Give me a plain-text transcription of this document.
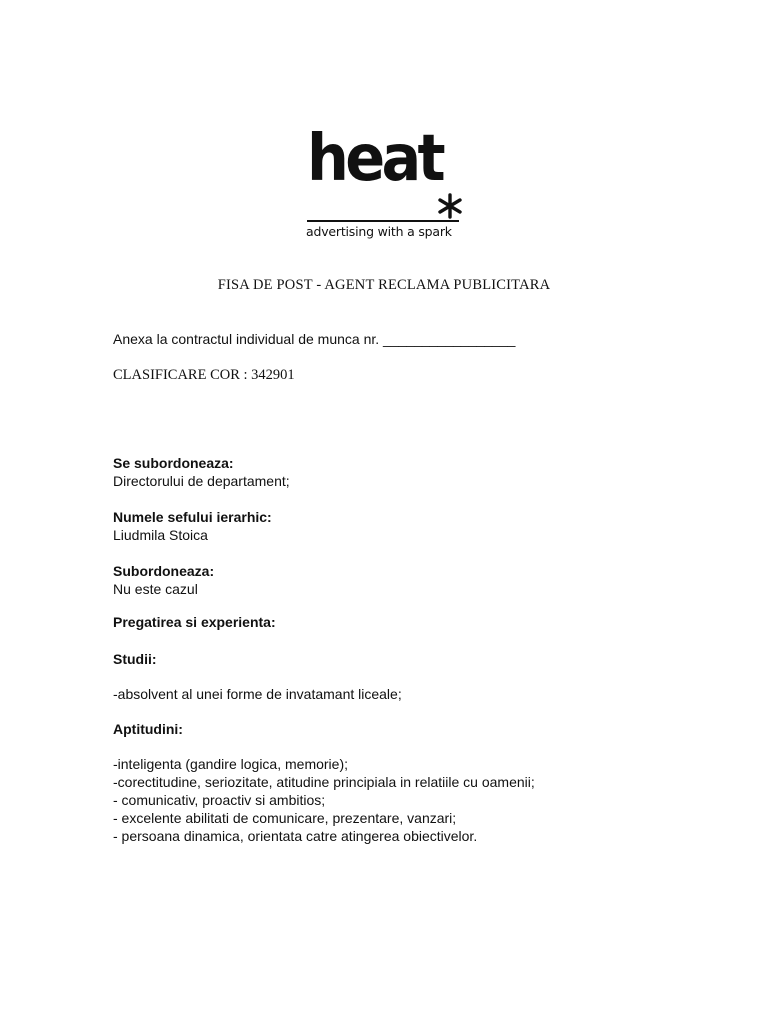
heat
advertising with a spark
FISA DE POST - AGENT RECLAMA PUBLICITARA
Anexa la contractul individual de munca nr. _________________
CLASIFICARE COR : 342901
Se subordoneaza:
Directorului de departament;
Numele sefului ierarhic:
Liudmila Stoica
Subordoneaza:
Nu este cazul
Pregatirea si experienta:
Studii:
-absolvent al unei forme de invatamant liceale;
Aptitudini:
-inteligenta (gandire logica, memorie);
-corectitudine, seriozitate, atitudine principiala in relatiile cu oamenii;
- comunicativ, proactiv si ambitios;
- excelente abilitati de comunicare, prezentare, vanzari;
- persoana dinamica, orientata catre atingerea obiectivelor.
